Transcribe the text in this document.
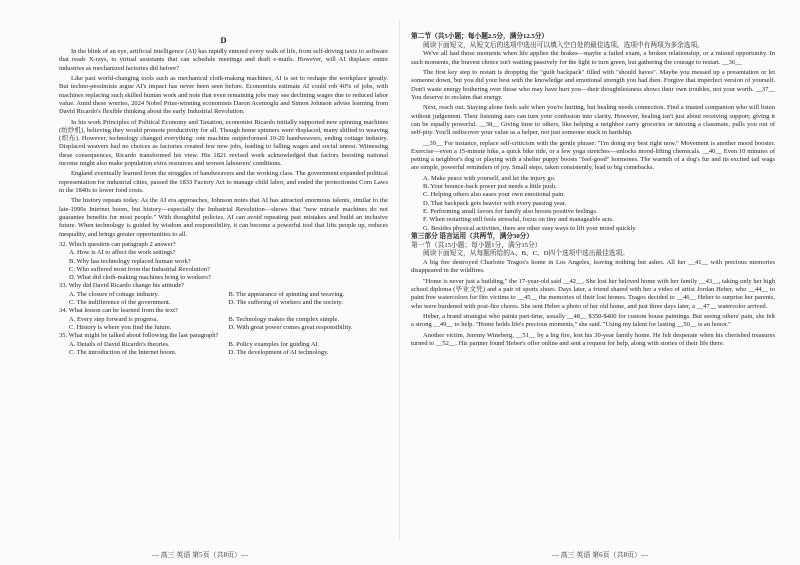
D

In the blink of an eye, artificial intelligence (AI) has rapidly entered every walk of life, from self-driving taxis to software that reads X-rays, to virtual assistants that can schedule meetings and draft e-mails. However, will AI displace entire industries as mechanized factories did before?

Like past world-changing tools such as mechanical cloth-making machines, AI is set to reshape the workplace greatly. But techno-pessimists argue AI's impact has never been seen before. Economists estimate AI could rob 40% of jobs, with machines replacing such skilled human work and note that even remaining jobs may see declining wages due to reduced labor value. Amid these worries, 2024 Nobel Prize-winning economists Daron Acemoglu and Simon Johnson advise learning from David Ricardo's flexible thinking about the early Industrial Revolution.

In his work Principles of Political Economy and Taxation, economist Ricardo initially supported new spinning machines (纺纱机), believing they would promote productivity for all. Though home spinners were displaced, many shifted to weaving (织布). However, technology changed everything: one machine outperformed 10-20 handweavers, ending cottage industry. Displaced weavers had no choices as factories created few new jobs, leading to falling wages and social unrest. Witnessing these consequences, Ricardo transformed his view. His 1821 revised work acknowledged that factors boosting national income might also make population extra resources and worsen labourers' conditions.

England eventually learned from the struggles of handweavers and the working class. The government expanded political representation for industrial cities, passed the 1833 Factory Act to manage child labor, and ended the protectionist Corn Laws in the 1840s to lower food costs.

The history repeats today. As the AI era approaches, Johnson notes that AI has attracted enormous talents, similar to the late-1990s Internet boom, but history—especially the Industrial Revolution—shows that "new miracle machines do not guarantee benefits for most people." With thoughtful policies, AI can avoid repeating past mistakes and build an inclusive future. When technology is guided by wisdom and responsibility, it can become a powerful tool that lifts people up, reduces inequality, and brings greater opportunities to all.

32. Which question can paragraph 2 answer?
A. How is AI to affect the work settings?
B. Why has technology replaced human work?
C. Who suffered most from the Industrial Revolution?
D. What did cloth-making machines bring to workers?
33. Why did David Ricardo change his attitude?
A. The closure of cottage industry.	B. The appearance of spinning and weaving.
C. The indifference of the government.	D. The suffering of workers and the society.
34. What lesson can be learned from the text?
A. Every step forward is progress.	B. Technology makes the complex simple.
C. History is where you find the future.	D. With great power comes great responsibility.
35. What might be talked about following the last paragraph?
A. Details of David Ricardo's theories.	B. Policy examples for guiding AI.
C. The introduction of the Internet boom.	D. The development of AI technology.
— 高三 英语 第5页（共8页）—
第二节（共5小题；每小题2.5分，满分12.5分）
阅读下面短文，从短文后的选项中选出可以填入空白处的最佳选项。选项中有两项为多余选项。

We've all had those moments when life applies the brakes—maybe a failed exam, a broken relationship, or a missed opportunity. In such moments, the bravest choice isn't waiting passively for the light to turn green, but gathering the courage to restart. __36__

The first key step to restart is dropping the "guilt backpack" filled with "should haves". Maybe you messed up a presentation or let someone down, but you did your best with the knowledge and emotional strength you had then. Forgive that imperfect version of yourself. Don't waste energy bothering over those who may have hurt you—their thoughtlessness shows their own troubles, not your worth. __37__ You deserve to reclaim that energy.

Next, reach out. Staying alone feels safe when you're hurting, but healing needs connection. Find a trusted companion who will listen without judgement. Their listening ears can turn your confusion into clarity. However, healing isn't just about receiving support; giving it can be equally powerful. __38__ Giving time to others, like helping a neighbor carry groceries or tutoring a classmate, pulls you out of self-pity. You'll rediscover your value as a helper, not just someone stuck in hardship.

__39__ For instance, replace self-criticism with the gentle phrase: "I'm doing my best right now." Movement is another mood booster. Exercise—even a 15-minute hike, a quick bike ride, or a few yoga stretches—unlocks mood-lifting chemicals. __40__ Even 10 minutes of petting a neighbor's dog or playing with a shelter puppy boosts "feel-good" hormones. The warmth of a dog's fur and its excited tail wags are simple, powerful reminders of joy. Small steps, taken consistently, lead to big comebacks.

A. Make peace with yourself, and let the injury go.
B. Your bounce-back power just needs a little push.
C. Helping others also eases your own emotional pain.
D. That backpack gets heavier with every passing year.
E. Performing small favors for family also boosts positive feelings.
F. When restarting still feels stressful, focus on tiny and manageable acts.
G. Besides physical activities, there are other easy ways to lift your mood quickly.
第三部分 语言运用（共两节，满分30分）
第一节（共15小题；每小题1分，满分15分）
阅读下面短文，从每题所给的A、B、C、D四个选项中选出最佳选项。

A big fire destroyed Charlotte Tragos's home in Los Angeles, leaving nothing but ashes. All her __41__ with precious memories disappeared in the wildfires.

"Home is never just a building," the 17-year-old said __42__. She lost her beloved home with her family __43__, taking only her high school diploma (毕业文凭) and a pair of sports shoes. Days later, a friend shared with her a video of artist Jordan Heber, who __44__ to paint free watercolors for fire victims to __45__ the memories of their lost homes. Tragos decided to __46__ Heber to surprise her parents, who were burdened with post-fire chores. She sent Heber a photo of her old home, and just three days later, a __47__ watercolor arrived.

Heber, a brand strategist who paints part-time, usually __48__ $350-$400 for custom house paintings. But seeing others' pain, she felt a strong __49__ to help. "Home holds life's precious moments," she said. "Using my talent for lasting __50__ is an honor."

Another victim, Jeremy Wineberg, __51__ by a big fire, lost his 30-year family home. He felt desperate when his cherished treasures turned to __52__. His partner found Heber's offer online and sent a request for help, along with stories of their life there.

— 高三 英语 第6页（共8页）—
